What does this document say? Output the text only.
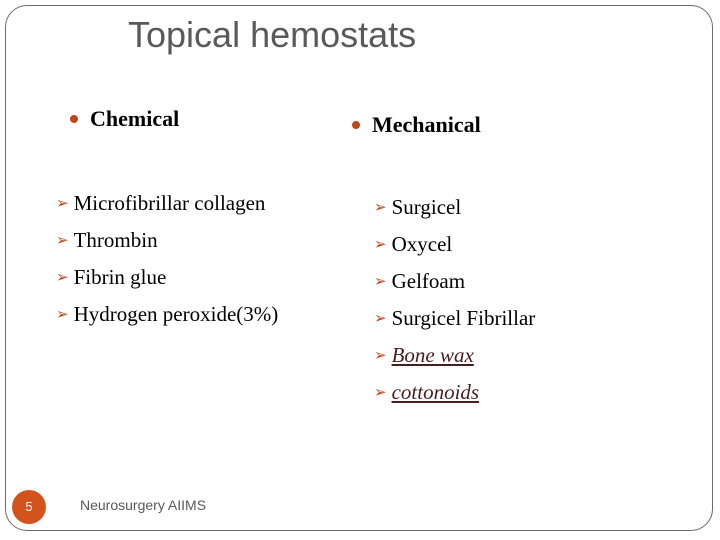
Topical hemostats
Chemical	Mechanical
➢ Microfibrillar collagen
➢ Thrombin
➢ Fibrin glue
➢ Hydrogen peroxide(3%)
➢ Surgicel
➢ Oxycel
➢ Gelfoam
➢ Surgicel Fibrillar
➢ Bone wax
➢ cottonoids
5	Neurosurgery AIIMS
